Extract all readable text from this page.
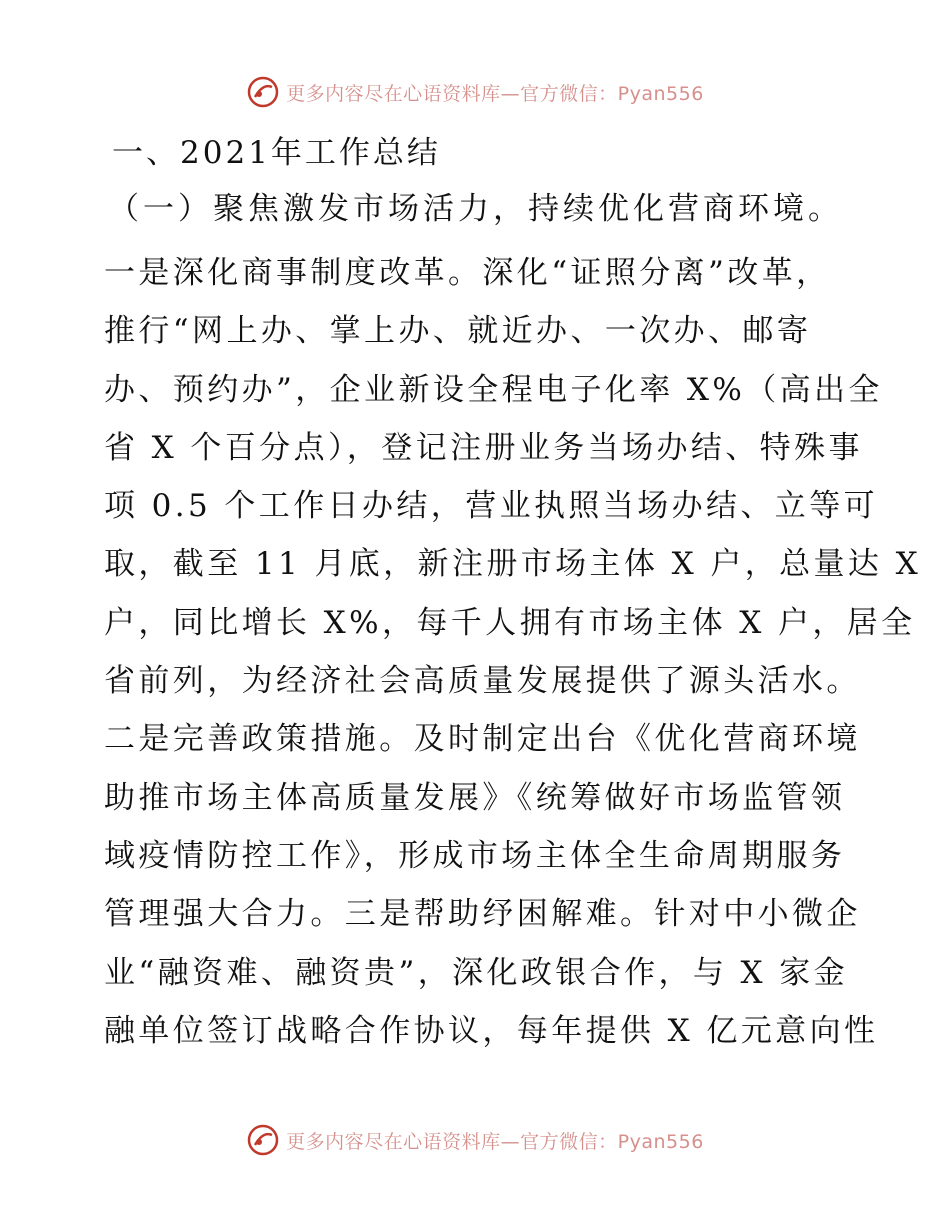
更多内容尽在心语资料库—官方微信：Pyan556
一、2021年工作总结
（一）聚焦激发市场活力，持续优化营商环境。
一是深化商事制度改革。深化“证照分离”改革，
推行“网上办、掌上办、就近办、一次办、邮寄
办、预约办”，企业新设全程电子化率 X%（高出全
省 X 个百分点），登记注册业务当场办结、特殊事
项 0.5 个工作日办结，营业执照当场办结、立等可
取，截至 11 月底，新注册市场主体 X 户，总量达 X
户，同比增长 X%，每千人拥有市场主体 X 户，居全
省前列，为经济社会高质量发展提供了源头活水。
二是完善政策措施。及时制定出台《优化营商环境
助推市场主体高质量发展》《统筹做好市场监管领
域疫情防控工作》，形成市场主体全生命周期服务
管理强大合力。三是帮助纾困解难。针对中小微企
业“融资难、融资贵”，深化政银合作，与 X 家金
融单位签订战略合作协议，每年提供 X 亿元意向性
更多内容尽在心语资料库—官方微信：Pyan556
